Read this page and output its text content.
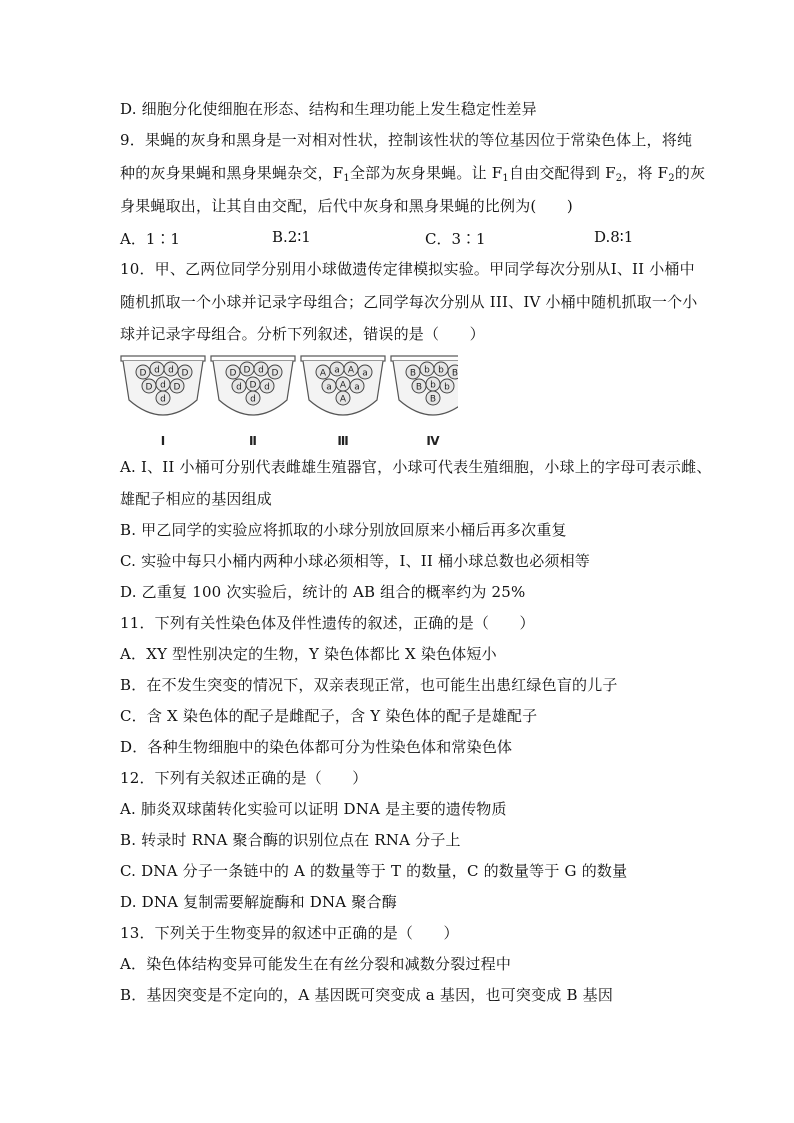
D. 细胞分化使细胞在形态、结构和生理功能上发生稳定性差异
9．果蝇的灰身和黑身是一对相对性状，控制该性状的等位基因位于常染色体上，将纯
种的灰身果蝇和黑身果蝇杂交，$F_1$全部为灰身果蝇。让 $F_1$自由交配得到 $F_2$，将 $F_2$的灰
身果蝇取出，让其自由交配，后代中灰身和黑身果蝇的比例为(　　)
A．1∶1	B.2∶1	C．3∶1	D.8∶1
10．甲、乙两位同学分别用小球做遗传定律模拟实验。甲同学每次分别从Ⅰ、II 小桶中
随机抓取一个小球并记录字母组合；乙同学每次分别从 III、IV 小桶中随机抓取一个小
球并记录字母组合。分析下列叙述，错误的是（　　）
D d d D
D d D
d
Ⅰ
D D d D
d D d
d
Ⅱ
A a A a
a A a
A
Ⅲ
B b b B
B b b
B
Ⅳ
A. Ⅰ、II 小桶可分别代表雌雄生殖器官，小球可代表生殖细胞，小球上的字母可表示雌、
雄配子相应的基因组成
B. 甲乙同学的实验应将抓取的小球分别放回原来小桶后再多次重复
C. 实验中每只小桶内两种小球必须相等，Ⅰ、II 桶小球总数也必须相等
D. 乙重复 100 次实验后，统计的 AB 组合的概率约为 25%
11．下列有关性染色体及伴性遗传的叙述，正确的是（　　）
A．XY 型性别决定的生物，Y 染色体都比 X 染色体短小
B．在不发生突变的情况下，双亲表现正常，也可能生出患红绿色盲的儿子
C．含 X 染色体的配子是雌配子，含 Y 染色体的配子是雄配子
D．各种生物细胞中的染色体都可分为性染色体和常染色体
12．下列有关叙述正确的是（　　）
A. 肺炎双球菌转化实验可以证明 DNA 是主要的遗传物质
B. 转录时 RNA 聚合酶的识别位点在 RNA 分子上
C. DNA 分子一条链中的 A 的数量等于 T 的数量，C 的数量等于 G 的数量
D. DNA 复制需要解旋酶和 DNA 聚合酶
13．下列关于生物变异的叙述中正确的是（　　）
A．染色体结构变异可能发生在有丝分裂和减数分裂过程中
B．基因突变是不定向的，A 基因既可突变成 a 基因，也可突变成 B 基因
